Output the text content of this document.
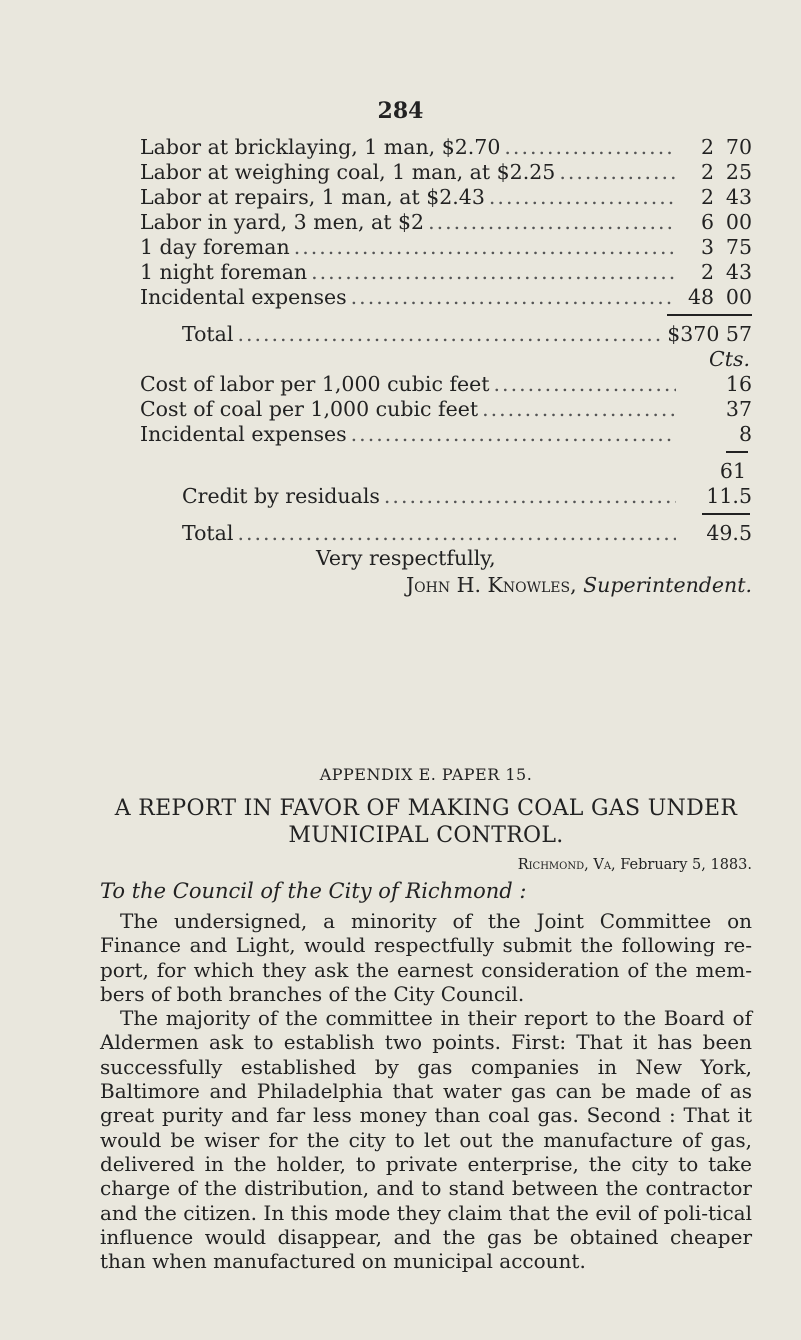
284
Labor at bricklaying, 1 man, $2.70 .....	2 70
Labor at weighing coal, 1 man, at $2.25 .....	2 25
Labor at repairs, 1 man, at $2.43 .....	2 43
Labor in yard, 3 men, at $2 .....	6 00
1 day foreman .....	3 75
1 night foreman .....	2 43
Incidental expenses .....	48 00
Total .....	$370 57
Cts.
Cost of labor per 1,000 cubic feet .....	16
Cost of coal per 1,000 cubic feet .....	37
Incidental expenses .....	8
61
Credit by residuals .....	11.5
Total .....	49.5
Very respectfully,
John H. Knowles, Superintendent.
APPENDIX E. PAPER 15.
A REPORT IN FAVOR OF MAKING COAL GAS UNDER MUNICIPAL CONTROL.
Richmond, Va, February 5, 1883.
To the Council of the City of Richmond :

The undersigned, a minority of the Joint Committee on Finance and Light, would respectfully submit the following re-port, for which they ask the earnest consideration of the mem-bers of both branches of the City Council.

The majority of the committee in their report to the Board of Aldermen ask to establish two points. First: That it has been successfully established by gas companies in New York, Baltimore and Philadelphia that water gas can be made of as great purity and far less money than coal gas. Second : That it would be wiser for the city to let out the manufacture of gas, delivered in the holder, to private enterprise, the city to take charge of the distribution, and to stand between the contractor and the citizen. In this mode they claim that the evil of poli-tical influence would disappear, and the gas be obtained cheaper than when manufactured on municipal account.
